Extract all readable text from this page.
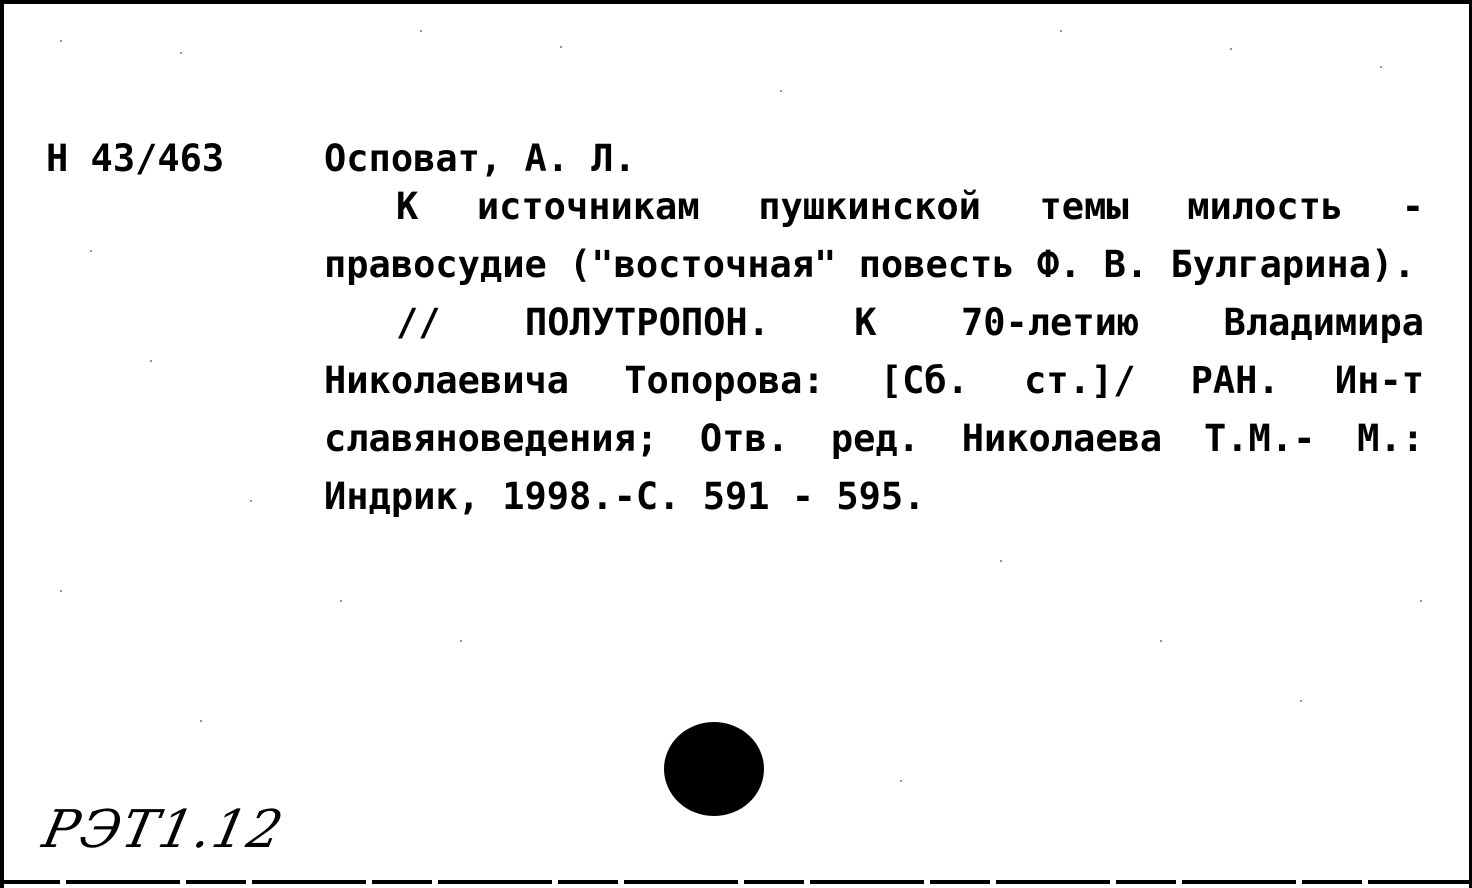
Н 43/463	Осповат, А. Л.

К источникам пушкинской темы милость - правосудие ("восточная" повесть Ф. В. Булгарина).

// ПОЛУТРОПОН. К 70-летию Владимира Николаевича Топорова: [Сб. ст.]/ РАН. Ин-т славяноведения; Отв. ред. Николаева Т.М.- М.: Индрик, 1998.-С. 591 - 595.

РЭТ1.12
